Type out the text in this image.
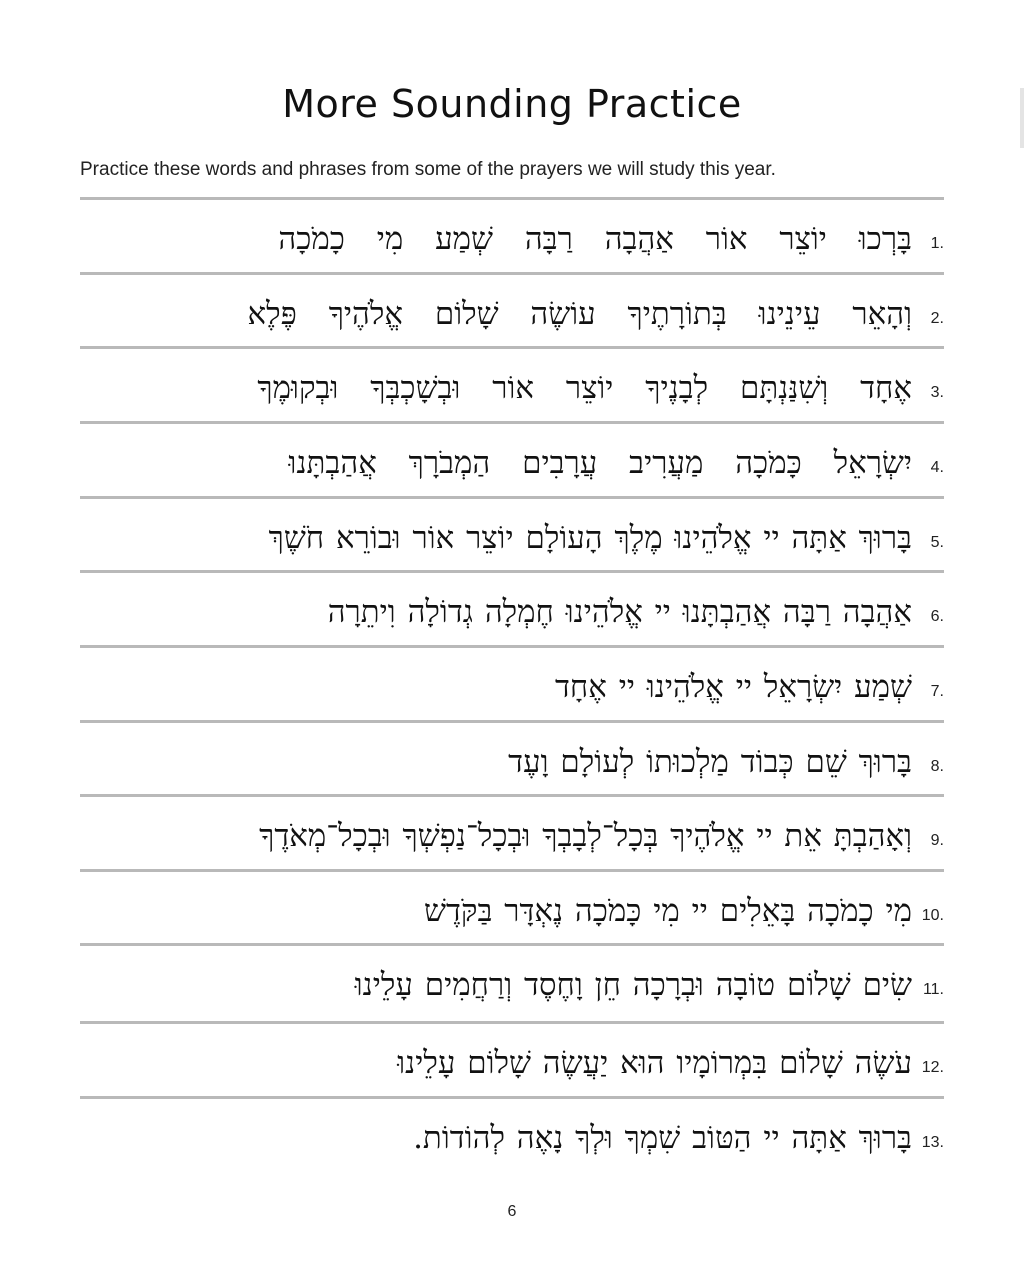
More Sounding Practice
Practice these words and phrases from some of the prayers we will study this year.
בָּרְכוּ יוֹצֵר אוֹר אַהֲבָה רַבָּה שְׁמַע מִי כָמֹכָה	1.
וְהָאֵר עֵינֵינוּ בְּתוֹרָתֶיךָ עוֹשֶׂה שָׁלוֹם אֱלֹהֶיךָ פֶּלֶא	2.
אֶחָד וְשִׁנַּנְתָּם לְבָנֶיךָ יוֹצֵר אוֹר וּבְשָׁכְבְּךָ וּבְקוּמֶךָ	3.
יִשְׂרָאֵל כָּמֹכָה מַעֲרִיב עֲרָבִים הַמְבֹרָךְ אֲהַבְתָּנוּ	4.
בָּרוּךְ אַתָּה יי אֱלֹהֵינוּ מֶלֶךְ הָעוֹלָם יוֹצֵר אוֹר וּבוֹרֵא חֹשֶׁךְ	5.
אַהֲבָה רַבָּה אֲהַבְתָּנוּ יי אֱלֹהֵינוּ חֶמְלָה גְדוֹלָה וִיתֵרָה	6.
שְׁמַע יִשְׂרָאֵל יי אֱלֹהֵינוּ יי אֶחָד	7.
בָּרוּךְ שֵׁם כְּבוֹד מַלְכוּתוֹ לְעוֹלָם וָעֶד	8.
וְאָהַבְתָּ אֵת יי אֱלֹהֶיךָ בְּכָל־לְבָבְךָ וּבְכָל־נַפְשְׁךָ וּבְכָל־מְאֹדֶךָ	9.
מִי כָמֹכָה בָּאֵלִים יי מִי כָּמֹכָה נֶאְדָּר בַּקֹּדֶשׁ 10.
שִׂים שָׁלוֹם טוֹבָה וּבְרָכָה חֵן וָחֶסֶד וְרַחֲמִים עָלֵינוּ 11.
עֹשֶׂה שָׁלוֹם בִּמְרוֹמָיו הוּא יַעֲשֶׂה שָׁלוֹם עָלֵינוּ 12.
בָּרוּךְ אַתָּה יי הַטּוֹב שִׁמְךָ וּלְךָ נָאֶה לְהוֹדוֹת. 13.
6
